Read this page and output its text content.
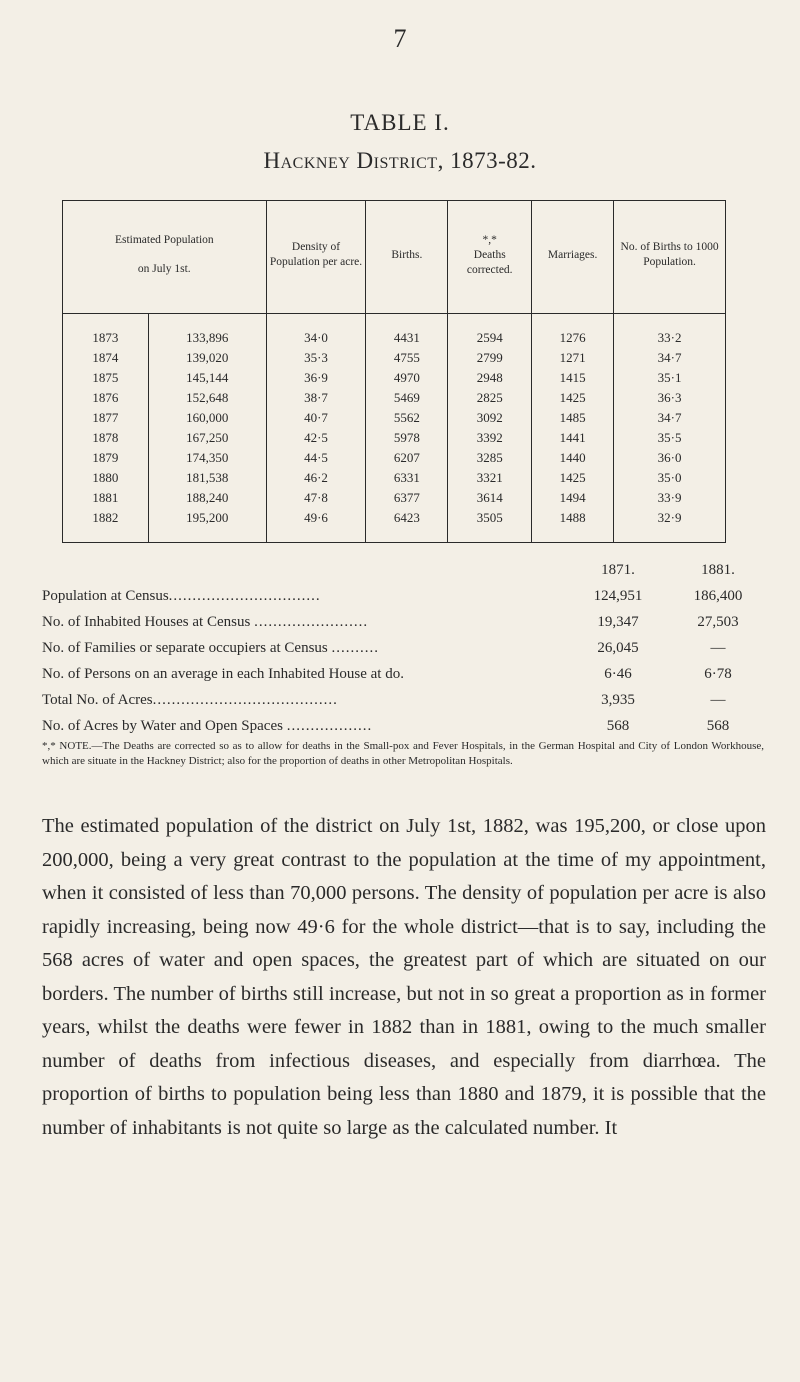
7
TABLE I.
Hackney District, 1873-82.
Estimated Population
on July 1st.		Density of Population per acre.	Births.	*,*
Deaths corrected.	Marriages.	No. of Births to 1000 Population.
1873	133,896	34·0	4431	2594	1276	33·2
1874	139,020	35·3	4755	2799	1271	34·7
1875	145,144	36·9	4970	2948	1415	35·1
1876	152,648	38·7	5469	2825	1425	36·3
1877	160,000	40·7	5562	3092	1485	34·7
1878	167,250	42·5	5978	3392	1441	35·5
1879	174,350	44·5	6207	3285	1440	36·0
1880	181,538	46·2	6331	3321	1425	35·0
1881	188,240	47·8	6377	3614	1494	33·9
1882	195,200	49·6	6423	3505	1488	32·9
1871.	1881.
Population at Census................................	124,951	186,400
No. of Inhabited Houses at Census ........................	19,347	27,503
No. of Families or separate occupiers at Census ..........	26,045	—
No. of Persons on an average in each Inhabited House at do.	6·46	6·78
Total No. of Acres.......................................	3,935	—
No. of Acres by Water and Open Spaces ..................	568	568
*,* NOTE.—The Deaths are corrected so as to allow for deaths in the Small-pox and Fever Hospitals, in the German Hospital and City of London Workhouse, which are situate in the Hackney District; also for the proportion of deaths in other Metropolitan Hospitals.
The estimated population of the district on July 1st, 1882, was 195,200, or close upon 200,000, being a very great contrast to the population at the time of my appointment, when it consisted of less than 70,000 persons. The density of population per acre is also rapidly increasing, being now 49·6 for the whole district—that is to say, including the 568 acres of water and open spaces, the greatest part of which are situated on our borders. The number of births still increase, but not in so great a proportion as in former years, whilst the deaths were fewer in 1882 than in 1881, owing to the much smaller number of deaths from infectious diseases, and especially from diarrhœa. The proportion of births to population being less than 1880 and 1879, it is possible that the number of inhabitants is not quite so large as the calculated number. It
